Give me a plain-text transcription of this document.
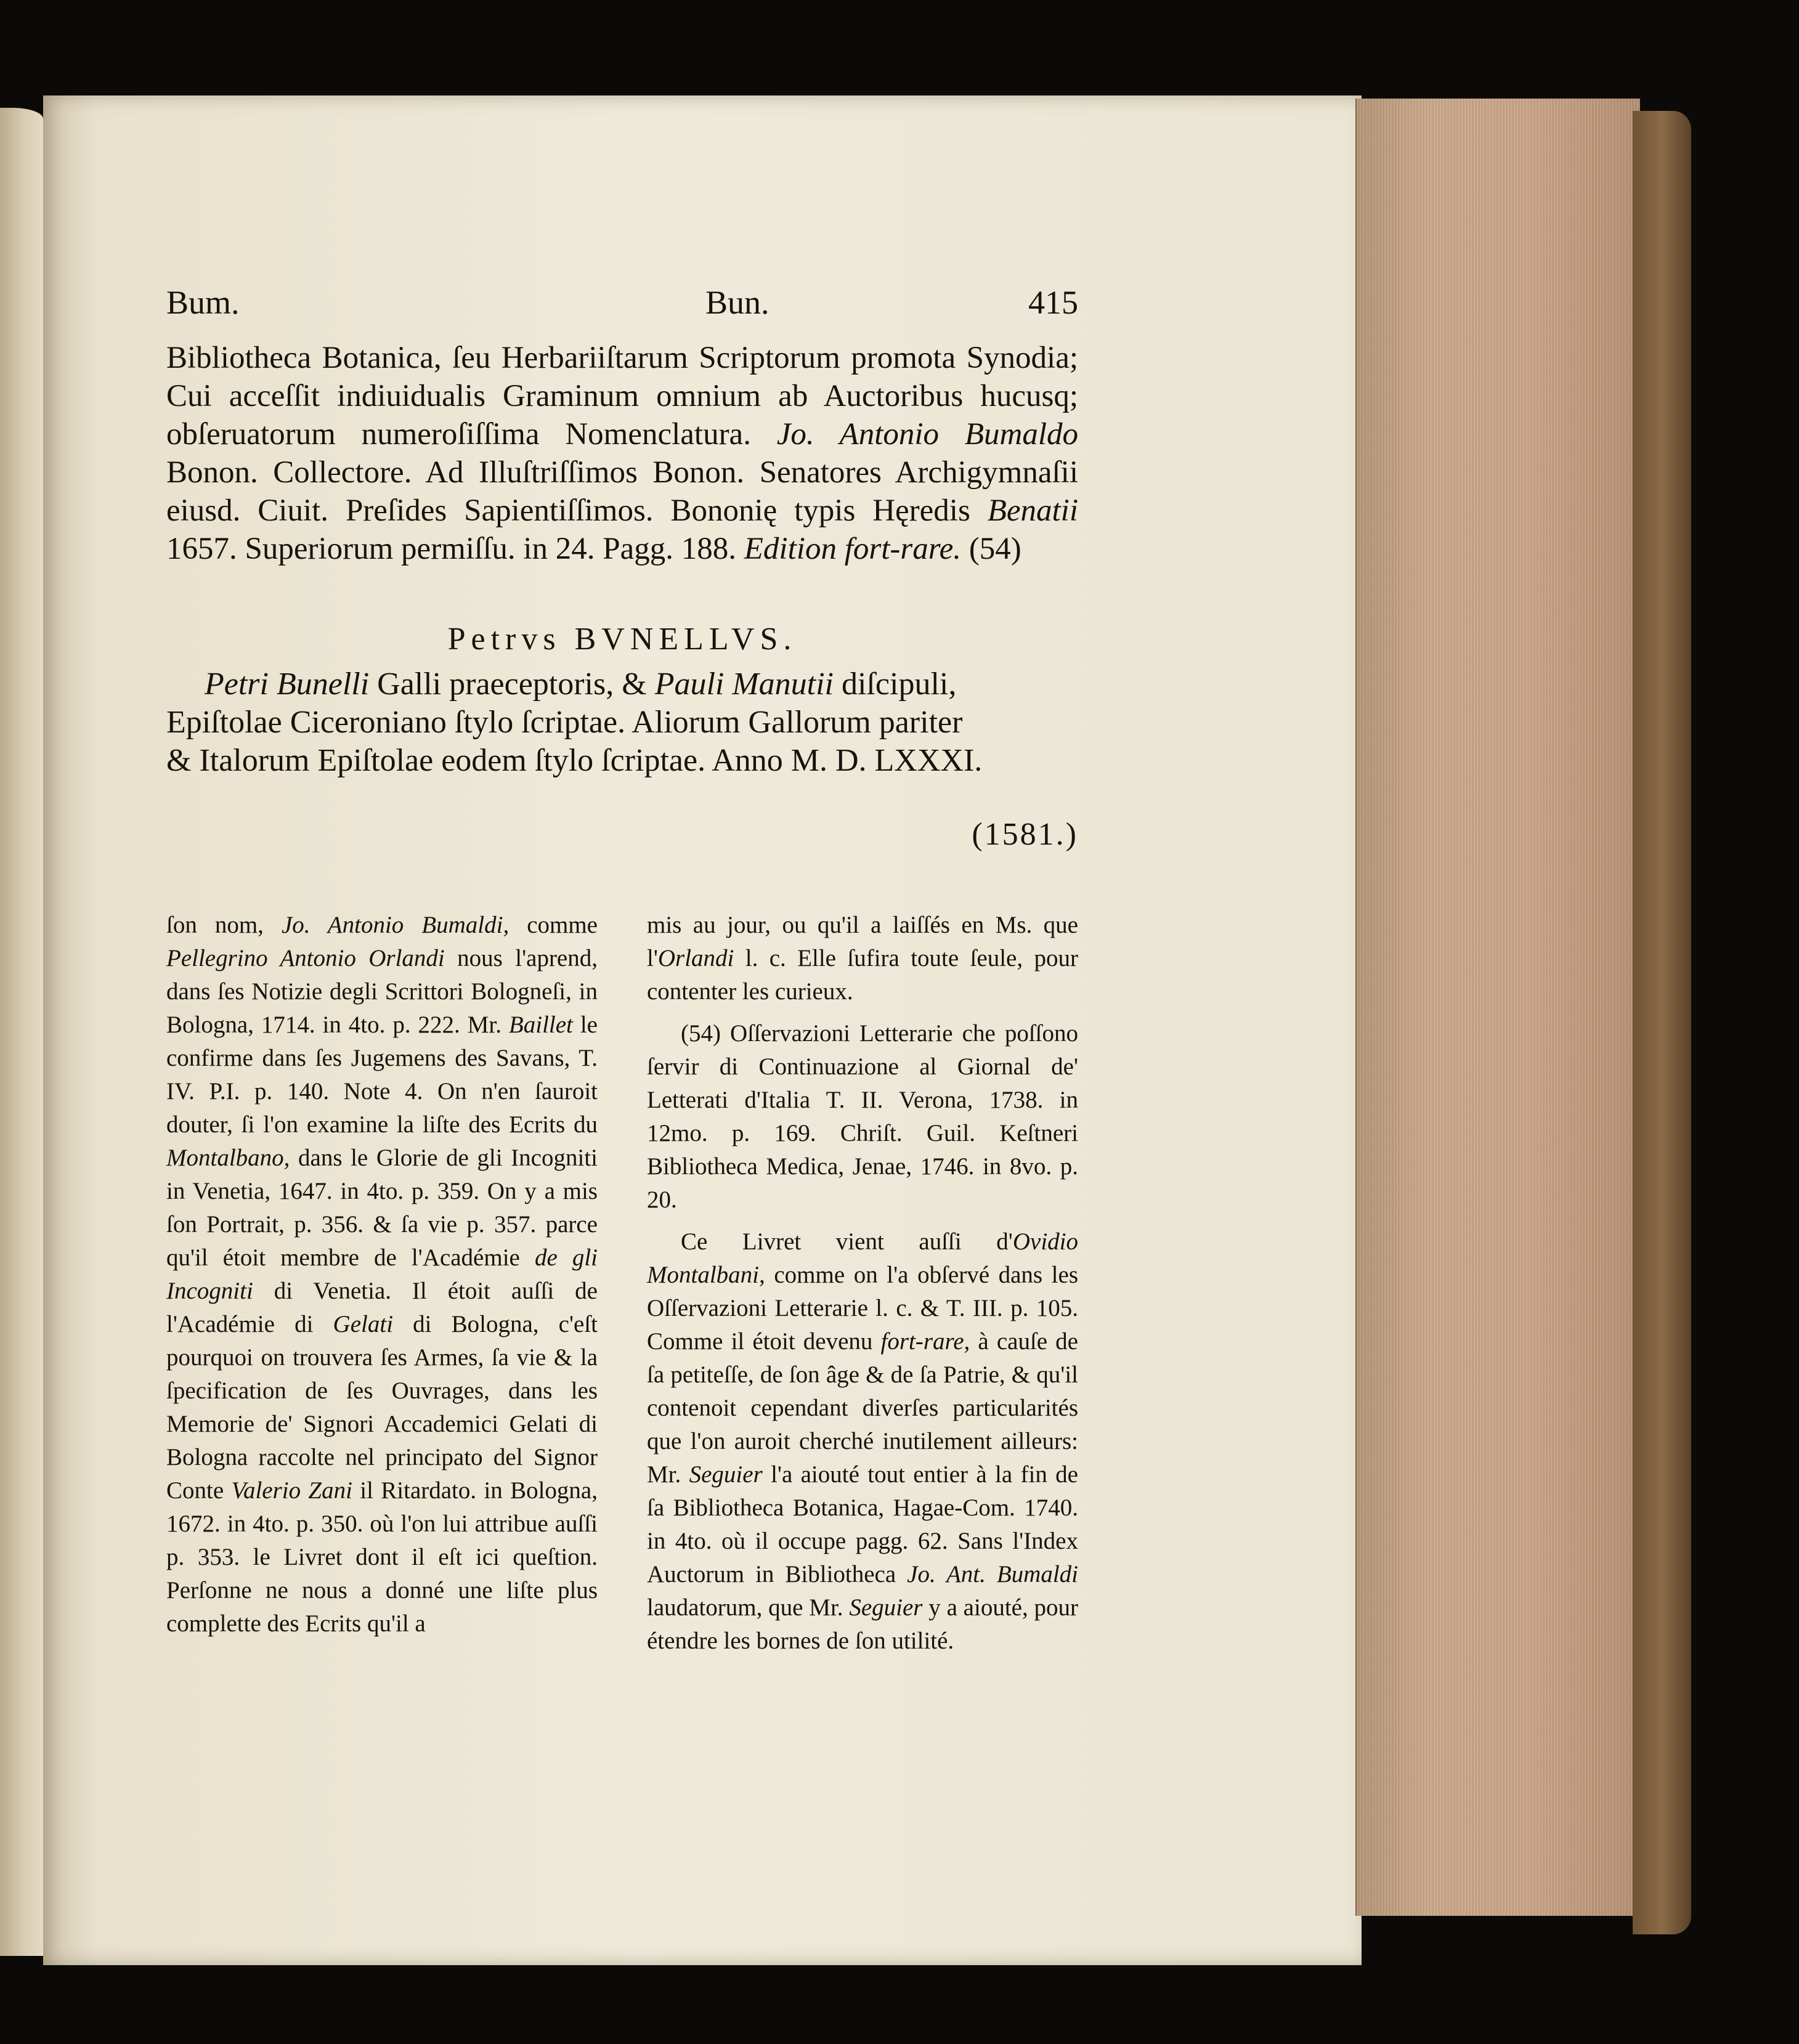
Bum.	Bun.	415
Bibliotheca Botanica, ſeu Herbariiſtarum Scriptorum promota Synodia; Cui acceſſit indiuidualis Graminum omnium ab Auctoribus hucusq; obſeruatorum numeroſiſſima Nomenclatura. Jo. Antonio Bumaldo Bonon. Collectore. Ad Illuſtriſſimos Bonon. Senatores Archigymnaſii eiusd. Ciuit. Preſides Sapientiſſimos. Bononię typis Hęredis Benatii 1657. Superiorum permiſſu. in 24. Pagg. 188. Edition fort-rare. (54)
Petrvs BVNELLVS.
Petri Bunelli Galli praeceptoris, & Pauli Manutii diſcipuli,
Epiſtolae Ciceroniano ſtylo ſcriptae. Aliorum Gallorum pariter
& Italorum Epiſtolae eodem ſtylo ſcriptae. Anno M. D. LXXXI.
(1581.)

ſon nom, Jo. Antonio Bumaldi, comme Pellegrino Antonio Orlandi nous l'aprend, dans ſes Notizie degli Scrittori Bologneſi, in Bologna, 1714. in 4to. p. 222. Mr. Baillet le confirme dans ſes Jugemens des Savans, T. IV. P.I. p. 140. Note 4. On n'en ſauroit douter, ſi l'on examine la liſte des Ecrits du Montalbano, dans le Glorie de gli Incogniti in Venetia, 1647. in 4to. p. 359. On y a mis ſon Portrait, p. 356. & ſa vie p. 357. parce qu'il étoit membre de l'Académie de gli Incogniti di Venetia. Il étoit auſſi de l'Académie di Gelati di Bologna, c'eſt pourquoi on trouvera ſes Armes, ſa vie & la ſpecification de ſes Ouvrages, dans les Memorie de' Signori Accademici Gelati di Bologna raccolte nel principato del Signor Conte Valerio Zani il Ritardato. in Bologna, 1672. in 4to. p. 350. où l'on lui attribue auſſi p. 353. le Livret dont il eſt ici queſtion. Perſonne ne nous a donné une liſte plus complette des Ecrits qu'il a

mis au jour, ou qu'il a laiſſés en Ms. que l'Orlandi l. c. Elle ſufira toute ſeule, pour contenter les curieux.

(54) Oſſervazioni Letterarie che poſſono ſervir di Continuazione al Giornal de' Letterati d'Italia T. II. Verona, 1738. in 12mo. p. 169. Chriſt. Guil. Keſtneri Bibliotheca Medica, Jenae, 1746. in 8vo. p. 20.

Ce Livret vient auſſi d'Ovidio Montalbani, comme on l'a obſervé dans les Oſſervazioni Letterarie l. c. & T. III. p. 105. Comme il étoit devenu fort-rare, à cauſe de ſa petiteſſe, de ſon âge & de ſa Patrie, & qu'il contenoit cependant diverſes particularités que l'on auroit cherché inutilement ailleurs: Mr. Seguier l'a aiouté tout entier à la fin de ſa Bibliotheca Botanica, Hagae-Com. 1740. in 4to. où il occupe pagg. 62. Sans l'Index Auctorum in Bibliotheca Jo. Ant. Bumaldi laudatorum, que Mr. Seguier y a aiouté, pour étendre les bornes de ſon utilité.
